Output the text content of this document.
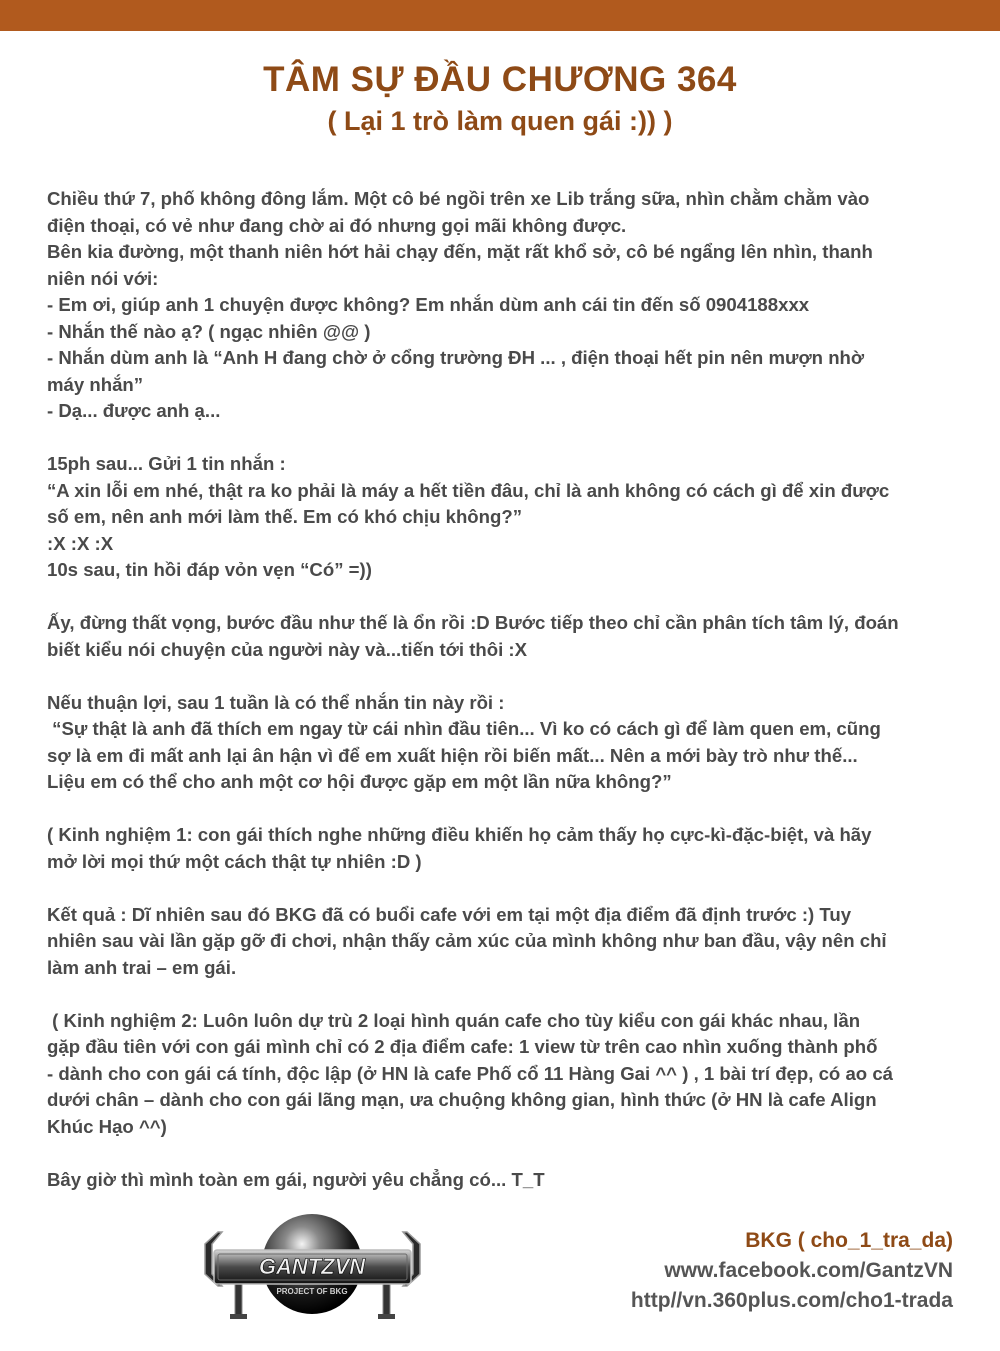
TÂM SỰ ĐẦU CHƯƠNG 364
( Lại 1 trò làm quen gái :)) )

Chiều thứ 7, phố không đông lắm. Một cô bé ngồi trên xe Lib trắng sữa, nhìn chằm chằm vào

điện thoại, có vẻ như đang chờ ai đó nhưng gọi mãi không được.

Bên kia đường, một thanh niên hớt hải chạy đến, mặt rất khổ sở, cô bé ngẩng lên nhìn, thanh

niên nói với:

- Em ơi, giúp anh 1 chuyện được không? Em nhắn dùm anh cái tin đến số 0904188xxx

- Nhắn thế nào ạ? ( ngạc nhiên @@ )

- Nhắn dùm anh là “Anh H đang chờ ở cổng trường ĐH ... , điện thoại hết pin nên mượn nhờ

máy nhắn”

- Dạ... được anh ạ...

15ph sau... Gửi 1 tin nhắn :

“A xin lỗi em nhé, thật ra ko phải là máy a hết tiền đâu, chỉ là anh không có cách gì để xin được

số em, nên anh mới làm thế. Em có khó chịu không?”

:X :X :X

10s sau, tin hồi đáp vỏn vẹn “Có” =))

Ấy, đừng thất vọng, bước đầu như thế là ổn rồi :D Bước tiếp theo chỉ cần phân tích tâm lý, đoán

biết kiểu nói chuyện của người này và...tiến tới thôi :X

Nếu thuận lợi, sau 1 tuần là có thể nhắn tin này rồi :

“Sự thật là anh đã thích em ngay từ cái nhìn đầu tiên... Vì ko có cách gì để làm quen em, cũng

sợ là em đi mất anh lại ân hận vì để em xuất hiện rồi biến mất... Nên a mới bày trò như thế...

Liệu em có thể cho anh một cơ hội được gặp em một lần nữa không?”

( Kinh nghiệm 1: con gái thích nghe những điều khiến họ cảm thấy họ cực-kì-đặc-biệt, và hãy

mở lời mọi thứ một cách thật tự nhiên :D )

Kết quả : Dĩ nhiên sau đó BKG đã có buổi cafe với em tại một địa điểm đã định trước :) Tuy

nhiên sau vài lần gặp gỡ đi chơi, nhận thấy cảm xúc của mình không như ban đầu, vậy nên chỉ

làm anh trai – em gái.

( Kinh nghiệm 2: Luôn luôn dự trù 2 loại hình quán cafe cho tùy kiểu con gái khác nhau, lần

gặp đầu tiên với con gái mình chỉ có 2 địa điểm cafe: 1 view từ trên cao nhìn xuống thành phố

- dành cho con gái cá tính, độc lập (ở HN là cafe Phố cổ 11 Hàng Gai ^^ ) , 1 bài trí đẹp, có ao cá

dưới chân – dành cho con gái lãng mạn, ưa chuộng không gian, hình thức (ở HN là cafe Align

Khúc Hạo ^^)

Bây giờ thì mình toàn em gái, người yêu chẳng có... T_T

GANTZVN
PROJECT OF BKG
BKG ( cho_1_tra_da)
www.facebook.com/GantzVN
http//vn.360plus.com/cho1-trada
